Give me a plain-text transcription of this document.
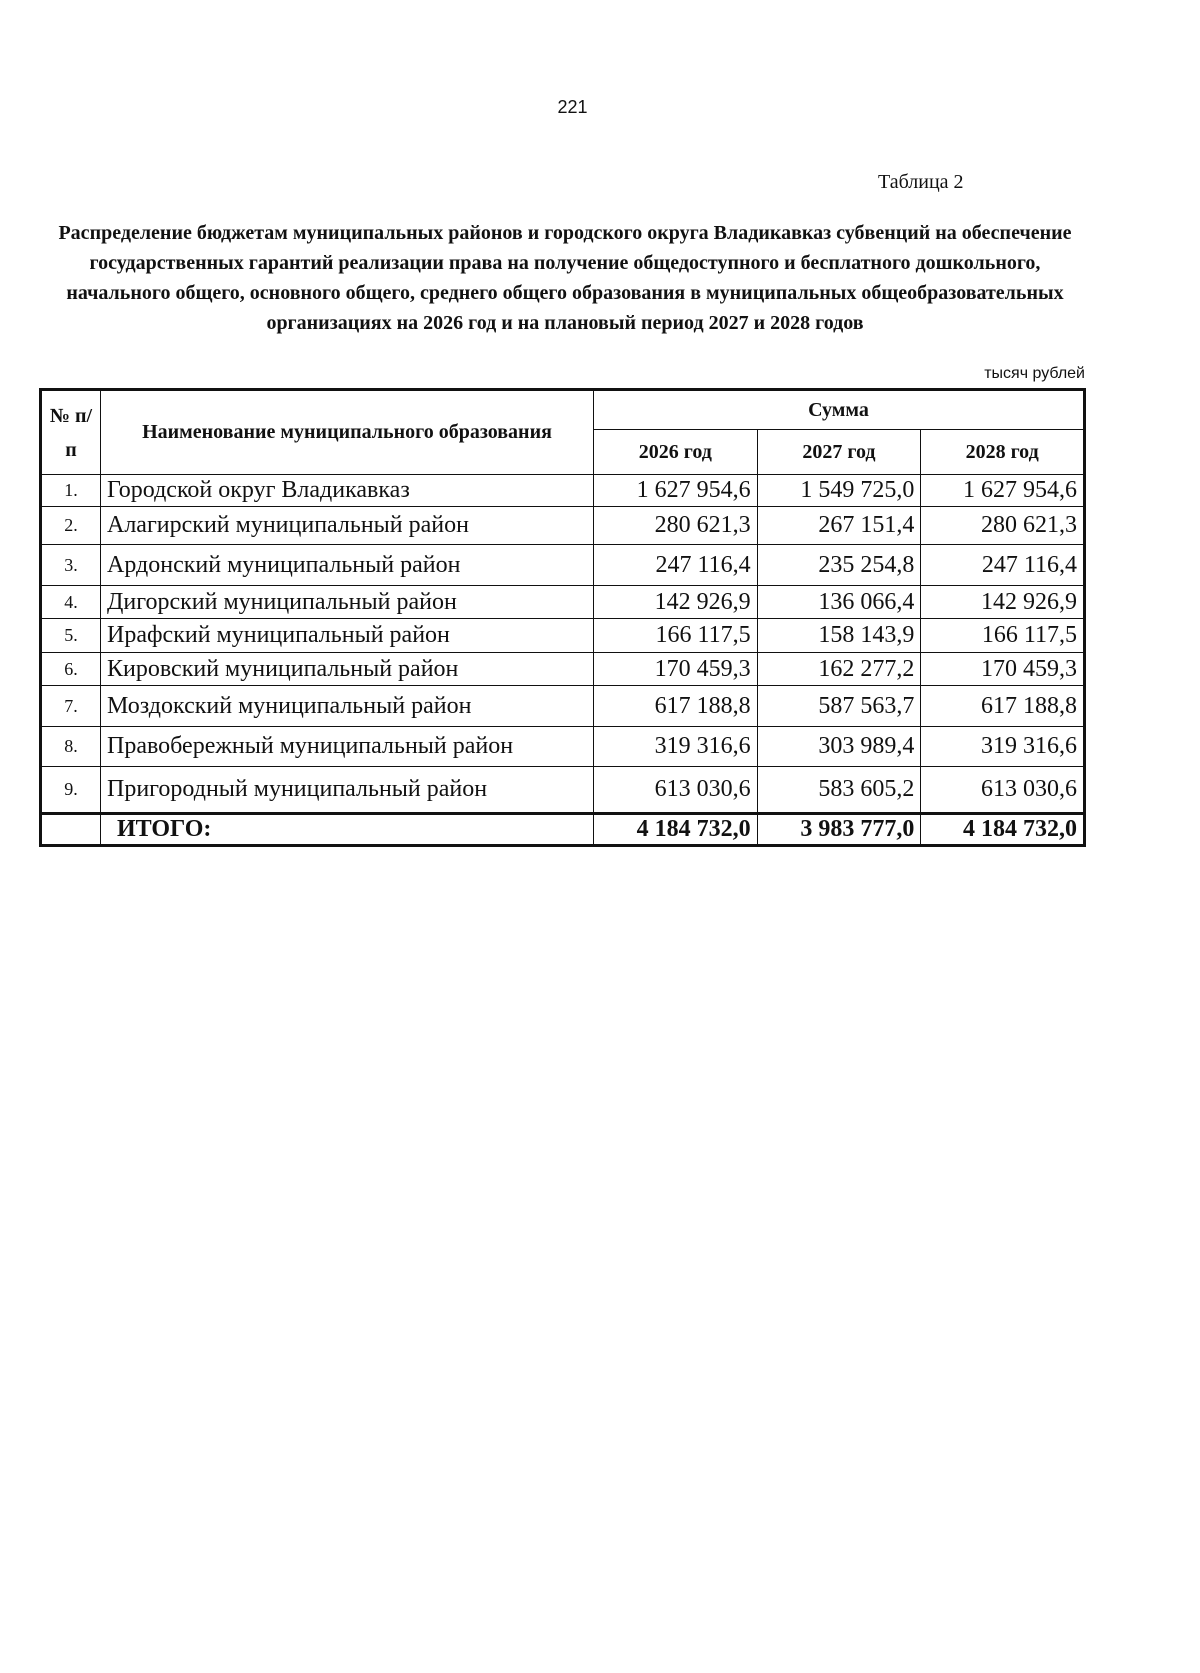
221
Таблица 2
Распределение бюджетам муниципальных районов и городского округа Владикавказ субвенций на обеспечение государственных гарантий реализации права на получение общедоступного и бесплатного дошкольного, начального общего, основного общего, среднего общего образования в муниципальных общеобразовательных организациях на 2026 год и на плановый период 2027 и 2028 годов
тысяч рублей
№ п/п	Наименование муниципального образования	Сумма		
		2026 год	2027 год	2028 год
1.	Городской округ Владикавказ	1 627 954,6	1 549 725,0	1 627 954,6
2.	Алагирский муниципальный район	280 621,3	267 151,4	280 621,3
3.	Ардонский муниципальный район	247 116,4	235 254,8	247 116,4
4.	Дигорский муниципальный район	142 926,9	136 066,4	142 926,9
5.	Ирафский муниципальный район	166 117,5	158 143,9	166 117,5
6.	Кировский муниципальный район	170 459,3	162 277,2	170 459,3
7.	Моздокский муниципальный район	617 188,8	587 563,7	617 188,8
8.	Правобережный муниципальный район	319 316,6	303 989,4	319 316,6
9.	Пригородный муниципальный район	613 030,6	583 605,2	613 030,6
	ИТОГО:	4 184 732,0	3 983 777,0	4 184 732,0
